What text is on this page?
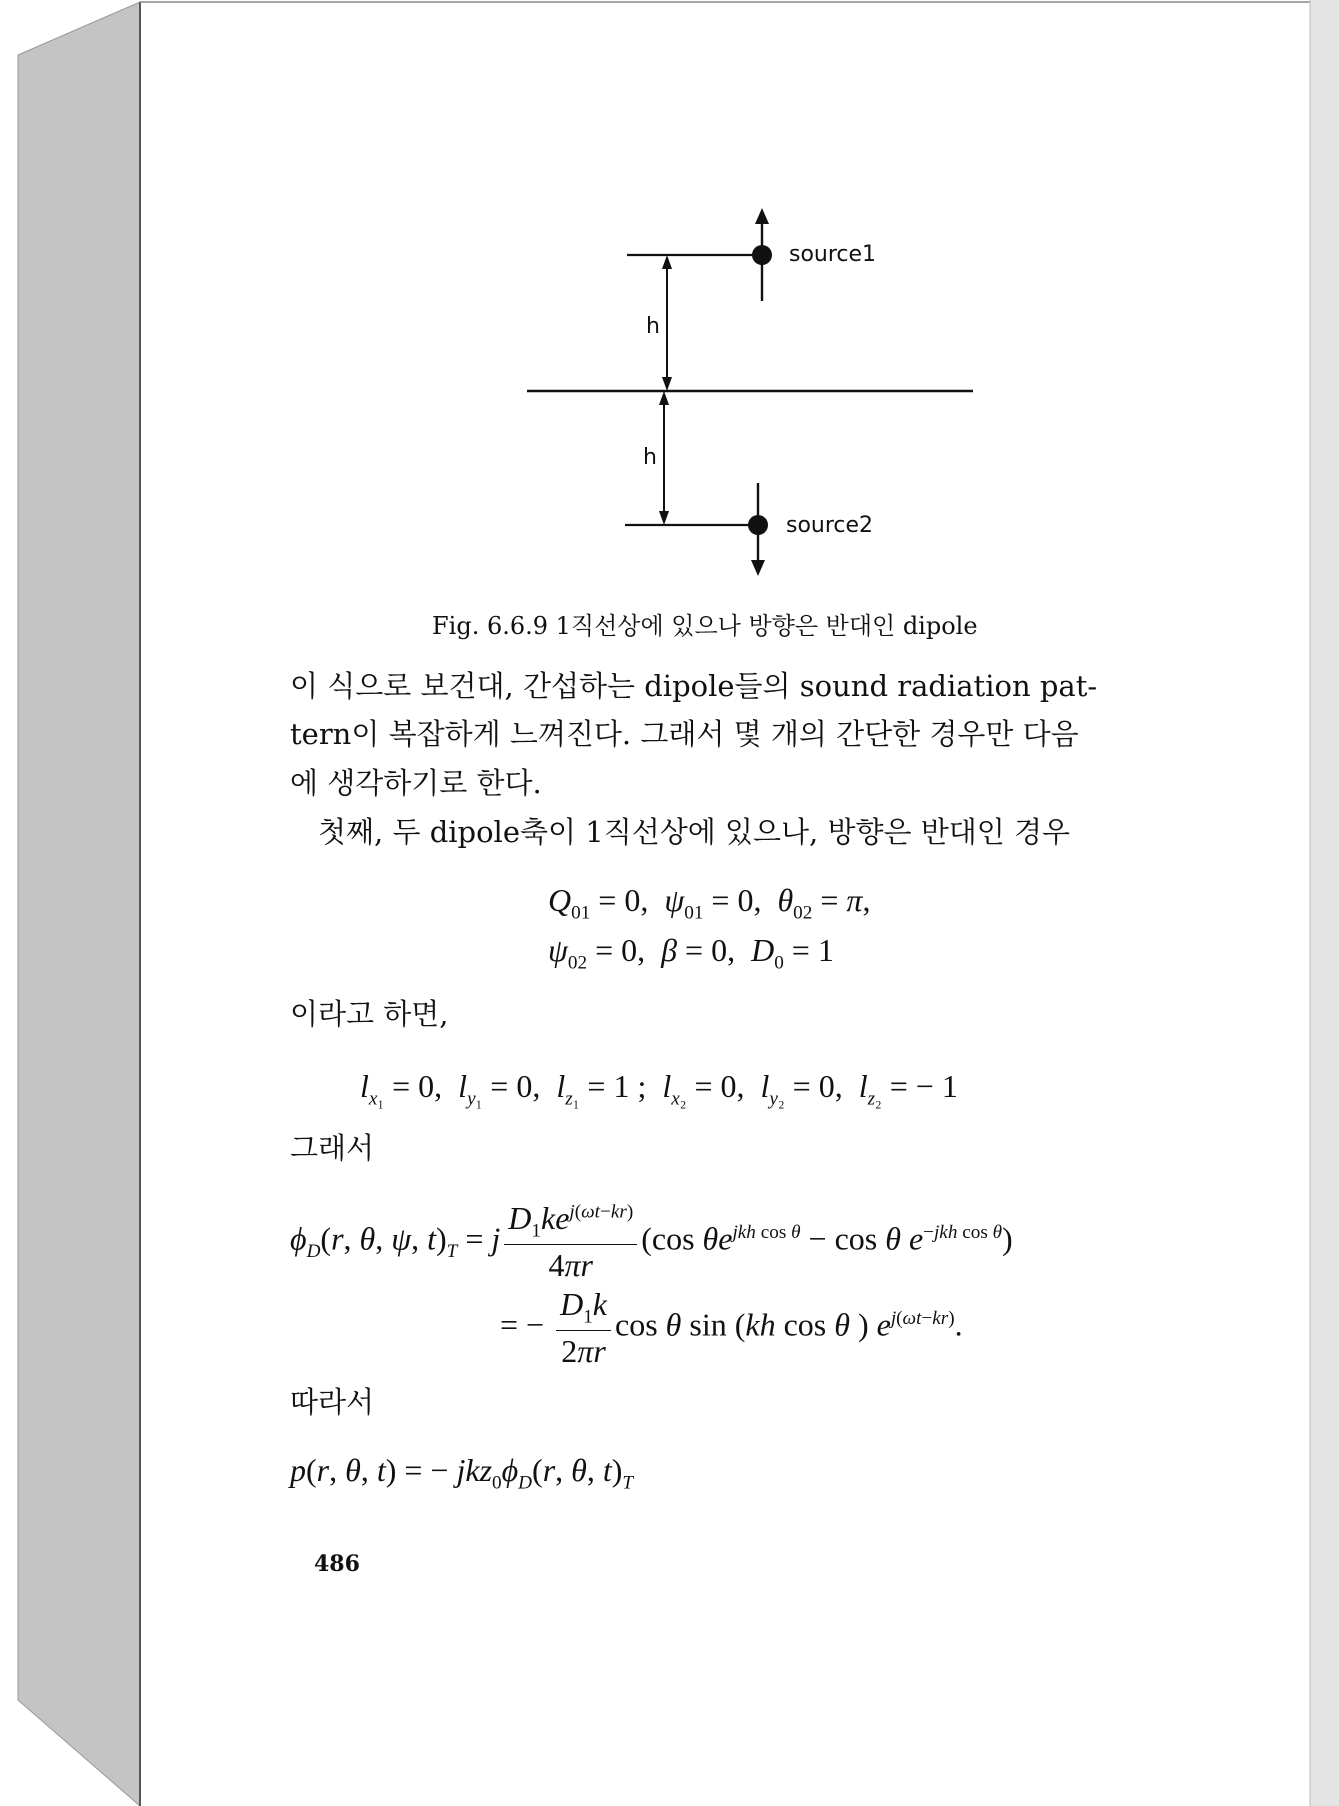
source1
source2
h
h
Fig. 6.6.9 1직선상에 있으나 방향은 반대인 dipole
이 식으로 보건대, 간섭하는 dipole들의 sound radiation pat-
tern이 복잡하게 느껴진다. 그래서 몇 개의 간단한 경우만 다음
에 생각하기로 한다.
첫째, 두 dipole축이 1직선상에 있으나, 방향은 반대인 경우
$Q_{01} = 0$,  $\psi_{01} = 0$,  $\theta_{02} = \pi$,
$\psi_{02} = 0$,  β = 0,  $D_0 = 1$
이라고 하면,
$l_{x_1} = 0$,  $l_{y_1} = 0$,  $l_{z_1} = 1$ ;  $l_{x_2} = 0$,  $l_{y_2} = 0$,  $l_{z_2}$ = − 1
그래서
$\phi_D(r$, θ, ψ, $t)_T = j \frac{D_1ke^{j(\omega t-kr)}}{4\pi r} (\cos$ $\theta e^{jkh cos \theta} - \cos \theta$ $e^{-jkh cos \theta}$)
= − $\frac{D_1k}{2\pi r}$ cos θ sin (kh cos θ ) $e^{j(\omega t-kr)}$.
따라서
p(r, θ, t) = − $jkz_0\phi_D(r$, θ, $t)_T$
486
